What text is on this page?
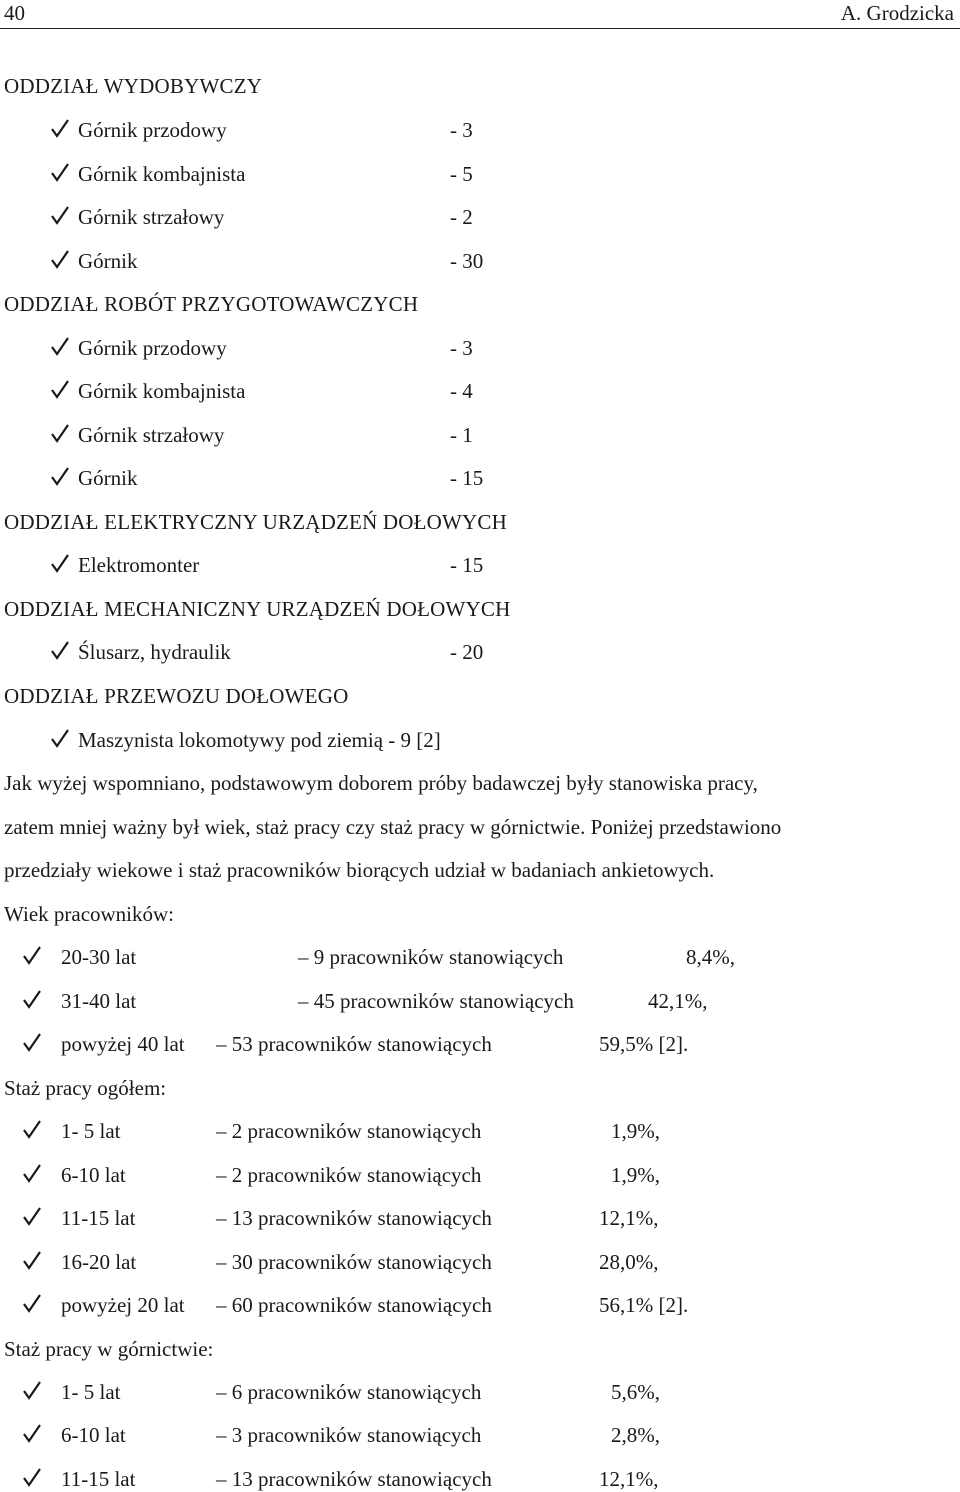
40	A. Grodzicka
ODDZIAŁ WYDOBYWCZY
Górnik przodowy	- 3
Górnik kombajnista	- 5
Górnik strzałowy	- 2
Górnik	- 30
ODDZIAŁ ROBÓT PRZYGOTOWAWCZYCH
Górnik przodowy	- 3
Górnik kombajnista	- 4
Górnik strzałowy	- 1
Górnik	- 15
ODDZIAŁ ELEKTRYCZNY URZĄDZEŃ DOŁOWYCH
Elektromonter	- 15
ODDZIAŁ MECHANICZNY URZĄDZEŃ DOŁOWYCH
Ślusarz, hydraulik	- 20
ODDZIAŁ PRZEWOZU DOŁOWEGO
Maszynista lokomotywy pod ziemią - 9 [2]
Jak wyżej wspomniano, podstawowym doborem próby badawczej były stanowiska pracy,
zatem mniej ważny był wiek, staż pracy czy staż pracy w górnictwie. Poniżej przedstawiono
przedziały wiekowe i staż pracowników biorących udział w badaniach ankietowych.
Wiek pracowników:
20-30 lat	– 9 pracowników stanowiących	8,4%,
31-40 lat	– 45 pracowników stanowiących	42,1%,
powyżej 40 lat – 53 pracowników stanowiących	59,5% [2].
Staż pracy ogółem:
1- 5 lat	– 2 pracowników stanowiących	1,9%,
6-10 lat	– 2 pracowników stanowiących	1,9%,
11-15 lat	– 13 pracowników stanowiących	12,1%,
16-20 lat	– 30 pracowników stanowiących	28,0%,
powyżej 20 lat – 60 pracowników stanowiących	56,1% [2].
Staż pracy w górnictwie:
1- 5 lat	– 6 pracowników stanowiących	5,6%,
6-10 lat	– 3 pracowników stanowiących	2,8%,
11-15 lat	– 13 pracowników stanowiących	12,1%,
